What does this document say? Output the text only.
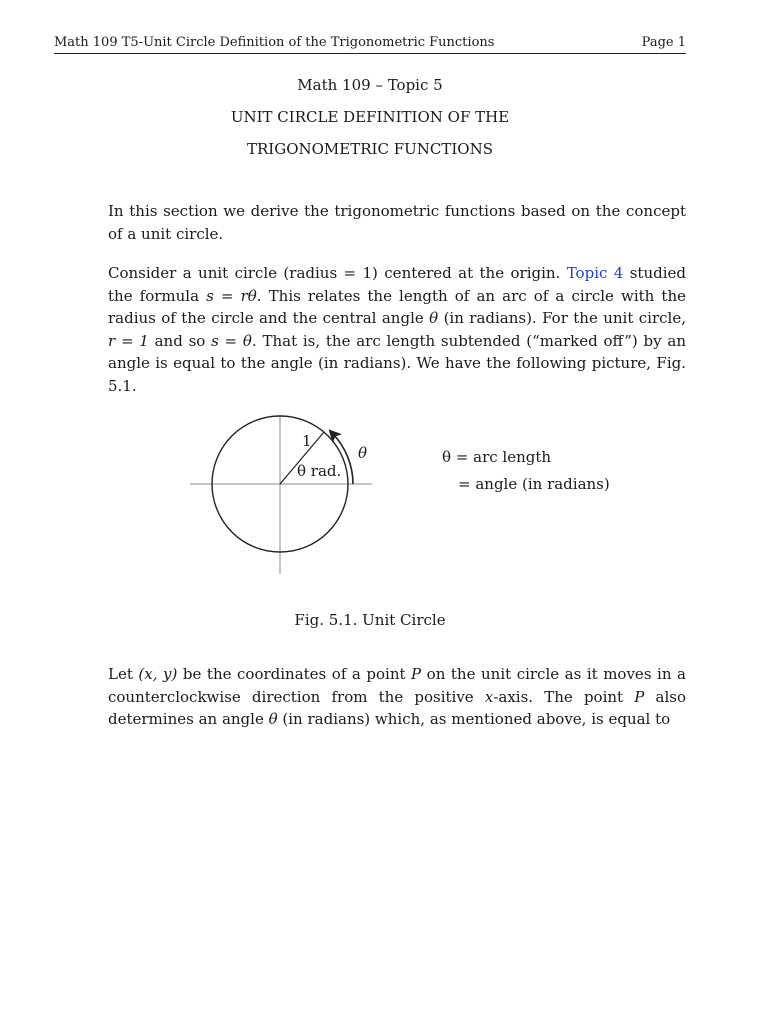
Math 109 T5-Unit Circle Definition of the Trigonometric Functions	Page 1
Math 109 – Topic 5
UNIT CIRCLE DEFINITION OF THE
TRIGONOMETRIC FUNCTIONS
In this section we derive the trigonometric functions based on the concept of a unit circle.
Consider a unit circle (radius = 1) centered at the origin. Topic 4 studied the formula s = rθ. This relates the length of an arc of a circle with the radius of the circle and the central angle θ (in radians). For the unit circle, r = 1 and so s = θ. That is, the arc length subtended (“marked off”) by an angle is equal to the angle (in radians). We have the following picture, Fig. 5.1.
1
θ rad.
θ	θ = arc length
= angle (in radians)
Fig. 5.1. Unit Circle
Let (x, y) be the coordinates of a point P on the unit circle as it moves in a counterclockwise direction from the positive x-axis. The point P also determines an angle θ (in radians) which, as mentioned above, is equal to
